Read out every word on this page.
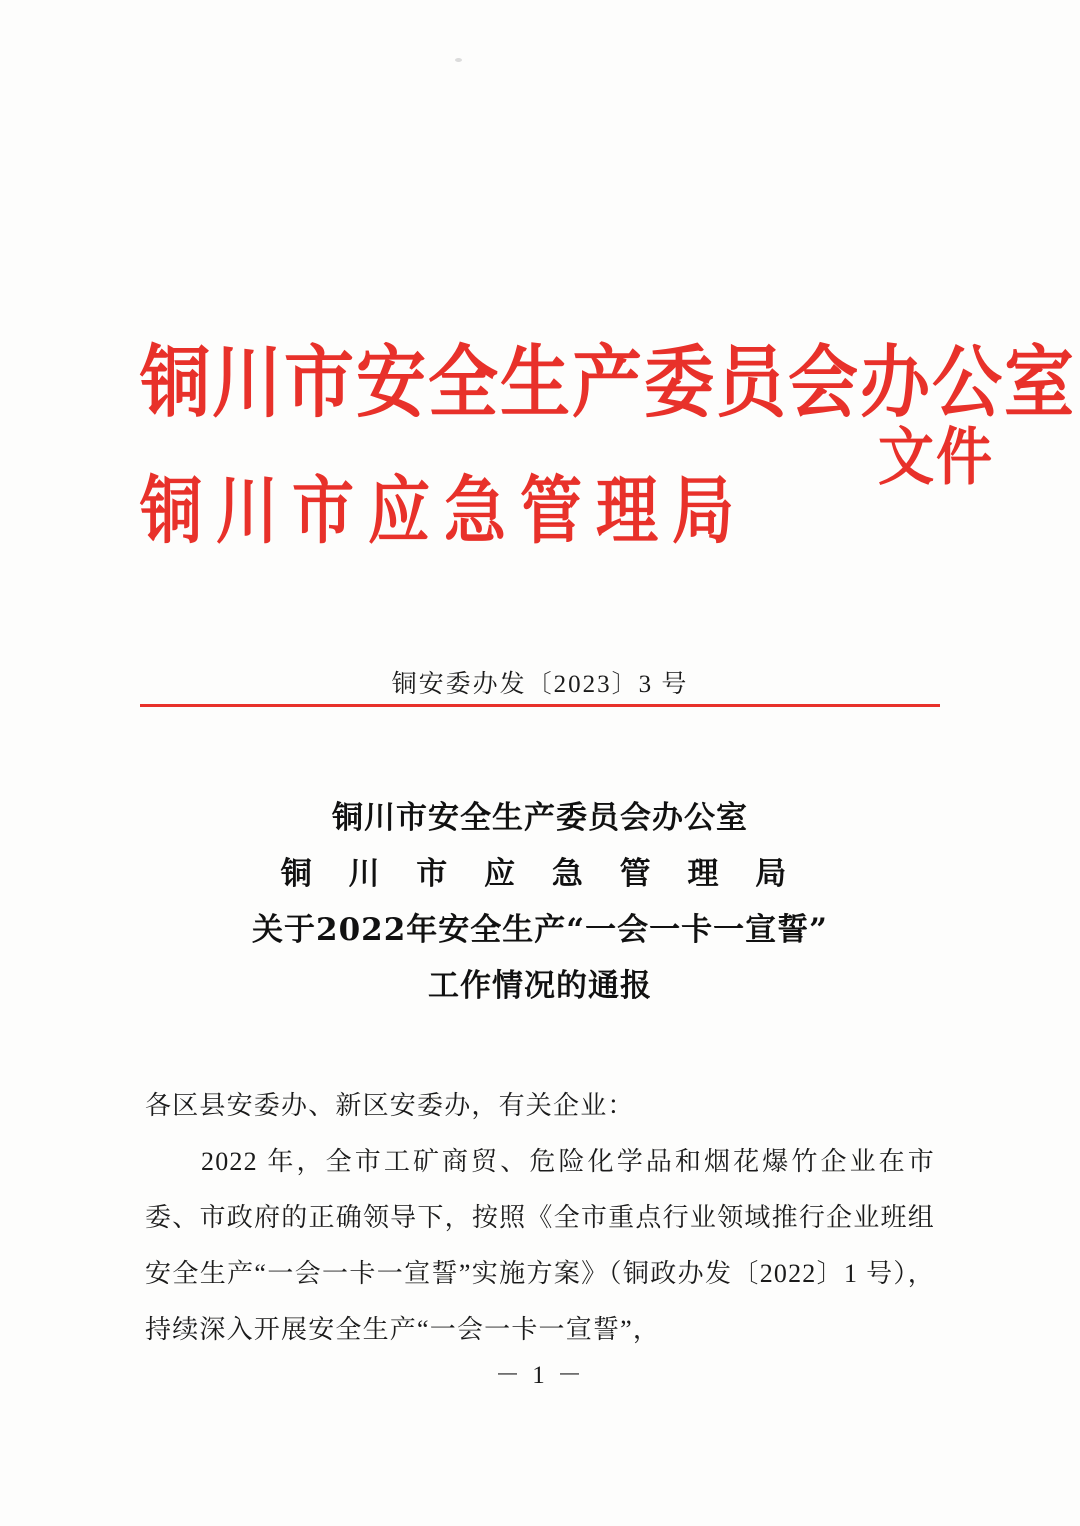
铜川市安全生产委员会办公室
铜川市应急管理局
文件
铜安委办发〔2023〕3 号
铜川市安全生产委员会办公室
铜 川 市 应 急 管 理 局
关于2022年安全生产“一会一卡一宣誓”
工作情况的通报

各区县安委办、新区安委办，有关企业：

2022 年，全市工矿商贸、危险化学品和烟花爆竹企业在市委、市政府的正确领导下，按照《全市重点行业领域推行企业班组安全生产“一会一卡一宣誓”实施方案》（铜政办发〔2022〕1 号），持续深入开展安全生产“一会一卡一宣誓”，

－ 1 －
